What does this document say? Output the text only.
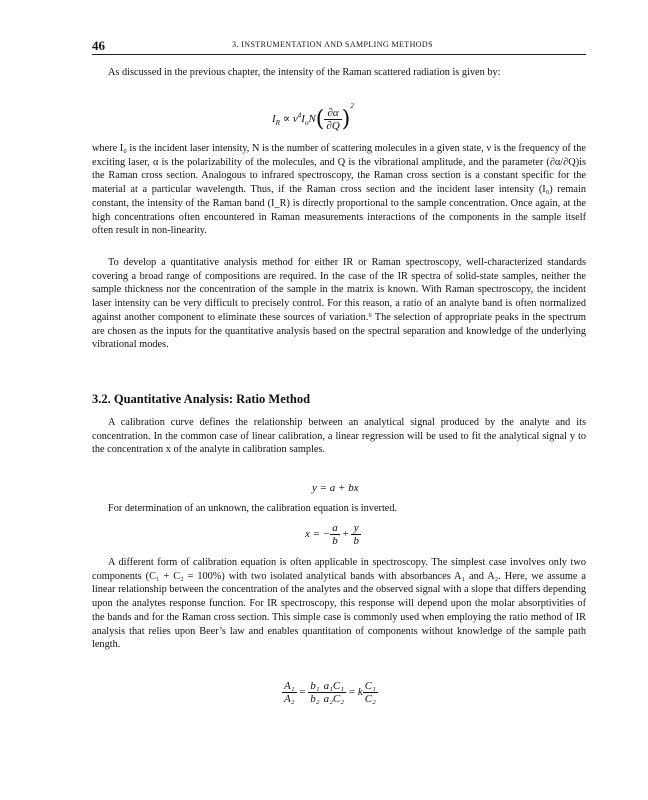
46	3. INSTRUMENTATION AND SAMPLING METHODS

As discussed in the previous chapter, the intensity of the Raman scattered radiation is given by:

$I_R \propto \nu^4I_oN( \frac{\partial\alpha}{\partial Q} )^2$

where I₀ is the incident laser intensity, N is the number of scattering molecules in a given state, ν is the frequency of the exciting laser, α is the polarizability of the molecules, and Q is the vibrational amplitude, and the parameter (∂α/∂Q)is the Raman cross section. Analogous to infrared spectroscopy, the Raman cross section is a constant specific for the material at a particular wavelength. Thus, if the Raman cross section and the incident laser intensity (I₀) remain constant, the intensity of the Raman band (I_R) is directly proportional to the sample concentration. Once again, at the high concentrations often encountered in Raman measurements interactions of the components in the sample itself often result in non-linearity.

To develop a quantitative analysis method for either IR or Raman spectroscopy, well-characterized standards covering a broad range of compositions are required. In the case of the IR spectra of solid-state samples, neither the sample thickness nor the concentration of the sample in the matrix is known. With Raman spectroscopy, the incident laser intensity can be very difficult to precisely control. For this reason, a ratio of an analyte band is often normalized against another component to eliminate these sources of variation.⁶ The selection of appropriate peaks in the spectrum are chosen as the inputs for the quantitative analysis based on the spectral separation and knowledge of the underlying vibrational modes.

3.2. Quantitative Analysis: Ratio Method

A calibration curve defines the relationship between an analytical signal produced by the analyte and its concentration. In the common case of linear calibration, a linear regression will be used to fit the analytical signal y to the concentration x of the analyte in calibration samples.

y = a + bx

For determination of an unknown, the calibration equation is inverted.

x = − $\frac{a}{b} + \frac{y}{b}$

A different form of calibration equation is often applicable in spectroscopy. The simplest case involves only two components (C₁ + C₂ = 100%) with two isolated analytical bands with absorbances A₁ and A₂. Here, we assume a linear relationship between the concentration of the analytes and the observed signal with a slope that differs depending upon the analytes response function. For IR spectroscopy, this response will depend upon the molar absorptivities of the bands and for the Raman cross section. This simple case is commonly used when employing the ratio method of IR analysis that relies upon Beer’s law and enables quantitation of components without knowledge of the sample path length.

$\frac{\text{A₁}}{\text{A₂}} = \frac{\text{b₁}}{\text{b₂}} \frac{\text{a₁C₁}}{\text{a₂C₂}} = k \frac{\text{C₁}}{\text{C₂}}$
